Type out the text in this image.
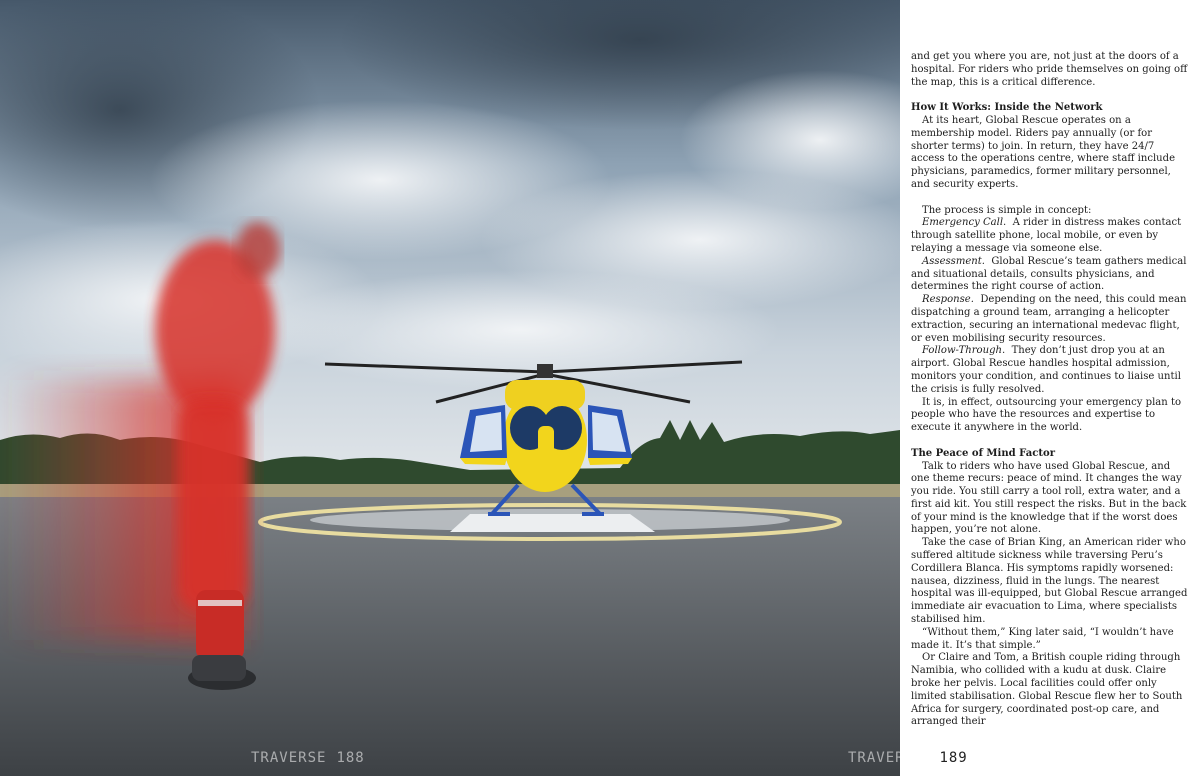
TRAVERSE 188	TRAVERSE 189

and get you where you are, not just at the doors of a hospital. For riders who pride themselves on going off the map, this is a critical difference.

How It Works: Inside the Network

At its heart, Global Rescue operates on a membership model. Riders pay annually (or for shorter terms) to join. In return, they have 24/7 access to the operations centre, where staff include physicians, paramedics, former military personnel, and security experts.

The process is simple in concept:

Emergency Call. A rider in distress makes contact through satellite phone, local mobile, or even by relaying a message via someone else.

Assessment. Global Rescue’s team gathers medical and situational details, consults physicians, and determines the right course of action.

Response. Depending on the need, this could mean dispatching a ground team, arranging a helicopter extraction, securing an international medevac flight, or even mobilising security resources.

Follow-Through. They don’t just drop you at an airport. Global Rescue handles hospital admission, monitors your condition, and continues to liaise until the crisis is fully resolved.

It is, in effect, outsourcing your emergency plan to people who have the resources and expertise to execute it anywhere in the world.

The Peace of Mind Factor

Talk to riders who have used Global Rescue, and one theme recurs: peace of mind. It changes the way you ride. You still carry a tool roll, extra water, and a first aid kit. You still respect the risks. But in the back of your mind is the knowledge that if the worst does happen, you’re not alone.

Take the case of Brian King, an American rider who suffered altitude sickness while traversing Peru’s Cordillera Blanca. His symptoms rapidly worsened: nausea, dizziness, fluid in the lungs. The nearest hospital was ill-equipped, but Global Rescue arranged immediate air evacuation to Lima, where specialists stabilised him.

“Without them,” King later said, “I wouldn’t have made it. It’s that simple.”

Or Claire and Tom, a British couple riding through Namibia, who collided with a kudu at dusk. Claire broke her pelvis. Local facilities could offer only limited stabilisation. Global Rescue flew her to South Africa for surgery, coordinated post-op care, and arranged their
